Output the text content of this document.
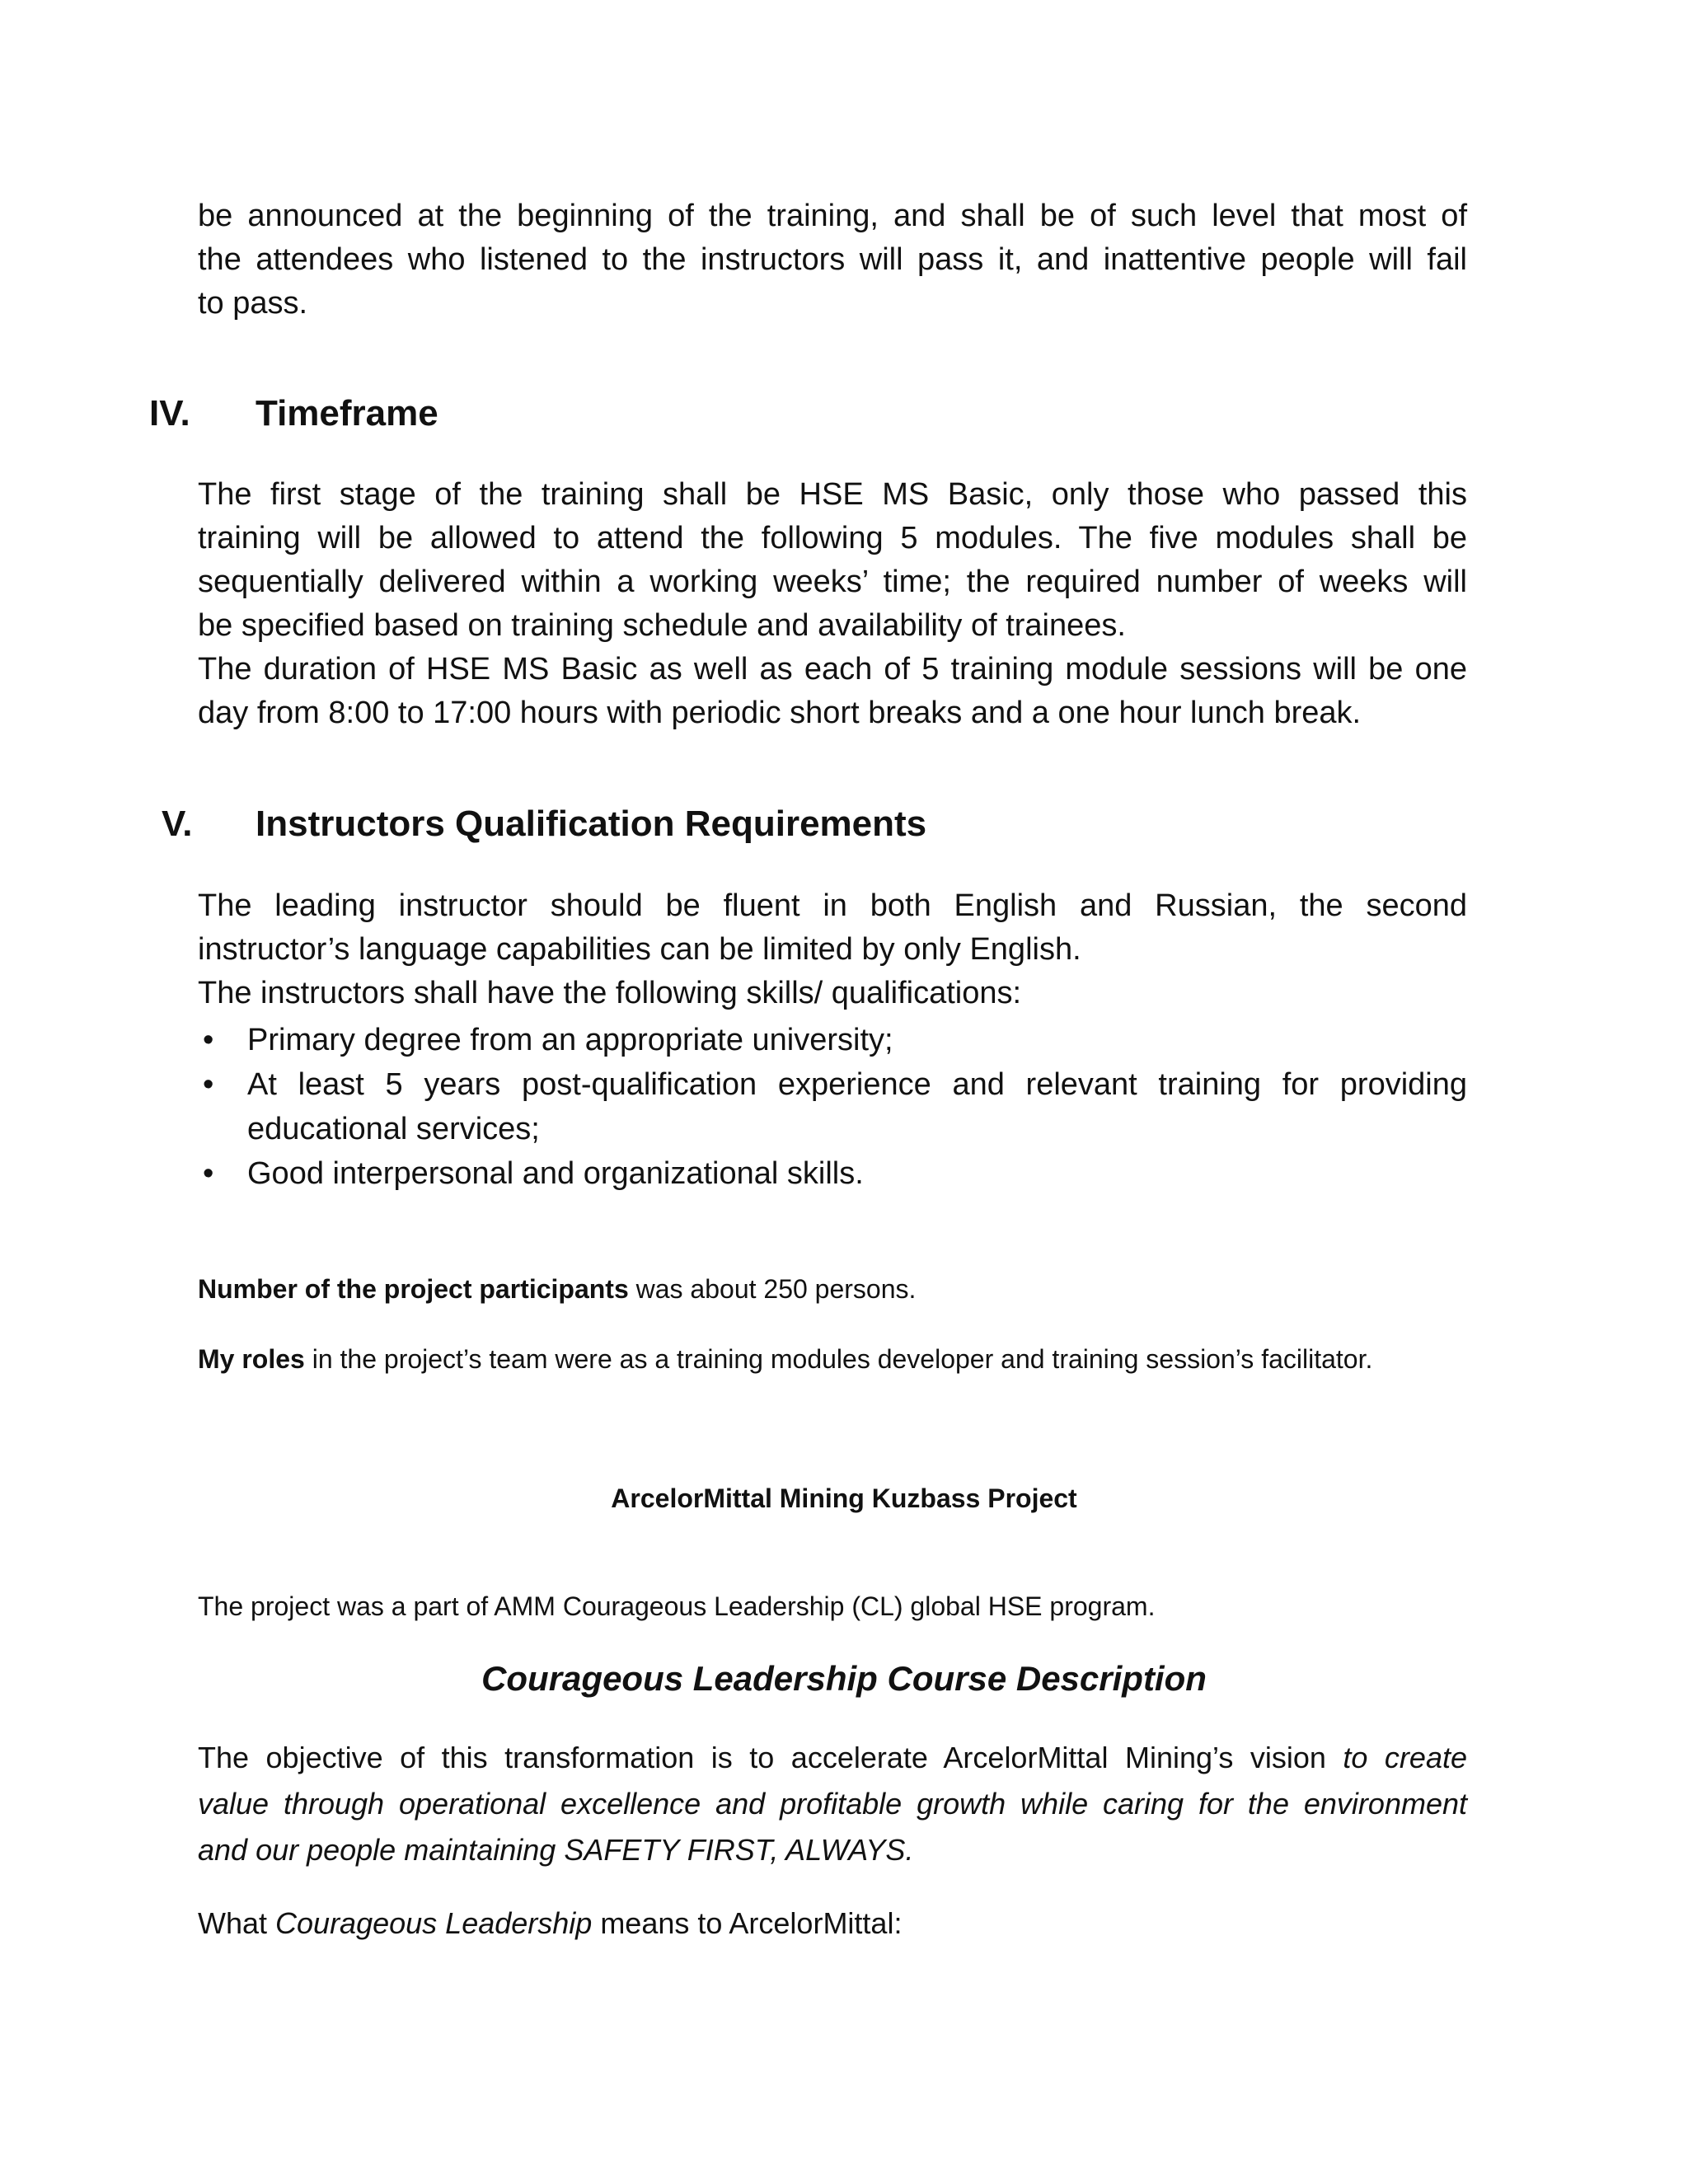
be announced at the beginning of the training, and shall be of such level that most of
the attendees who listened to the instructors will pass it, and inattentive people will fail
to pass.
IV. Timeframe
The first stage of the training shall be HSE MS Basic, only those who passed this
training will be allowed to attend the following 5 modules. The five modules shall be
sequentially delivered within a working weeks’ time; the required number of weeks will
be specified based on training schedule and availability of trainees.
The duration of HSE MS Basic as well as each of 5 training module sessions will be one
day from 8:00 to 17:00 hours with periodic short breaks and a one hour lunch break.
V. Instructors Qualification Requirements
The leading instructor should be fluent in both English and Russian, the second
instructor’s language capabilities can be limited by only English.
The instructors shall have the following skills/ qualifications:
• Primary degree from an appropriate university;
• At least 5 years post-qualification experience and relevant training for providing
educational services;
• Good interpersonal and organizational skills.

Number of the project participants was about 250 persons.

My roles in the project’s team were as a training modules developer and training session’s facilitator.

ArcelorMittal Mining Kuzbass Project

The project was a part of AMM Courageous Leadership (CL) global HSE program.

Courageous Leadership Course Description

The objective of this transformation is to accelerate ArcelorMittal Mining’s vision to create
value through operational excellence and profitable growth while caring for the environment
and our people maintaining SAFETY FIRST, ALWAYS.

What Courageous Leadership means to ArcelorMittal:
